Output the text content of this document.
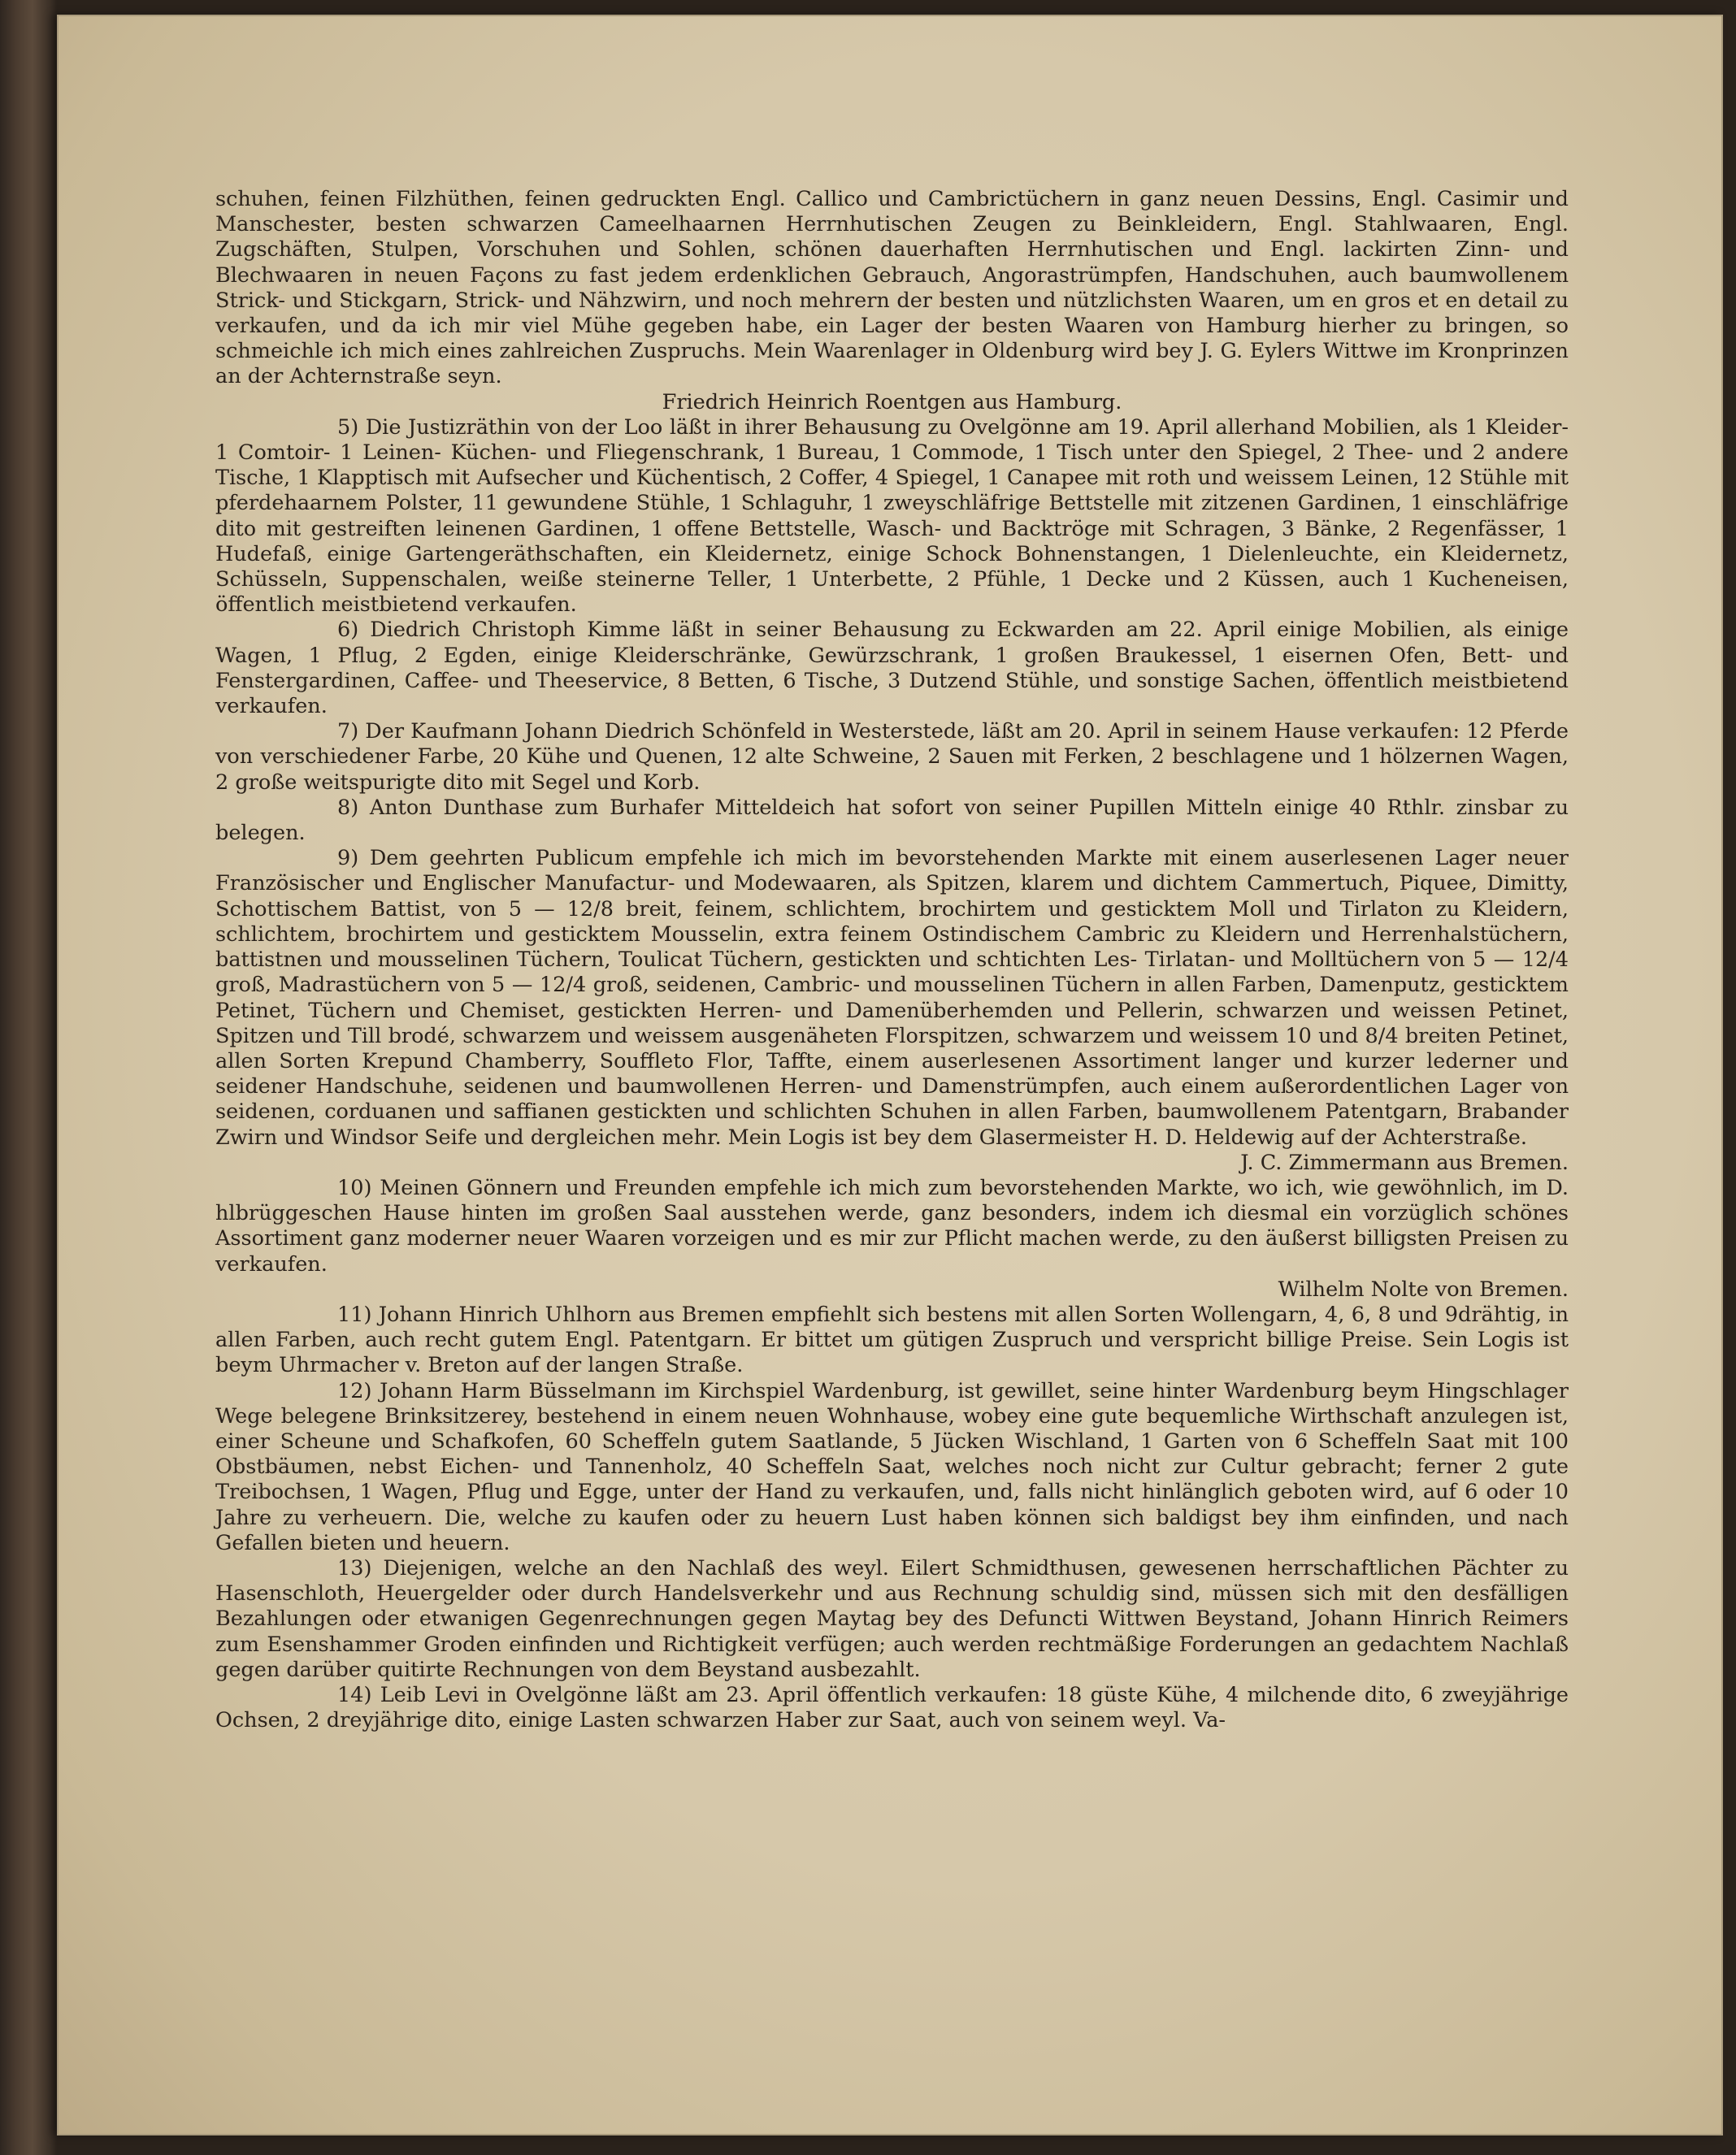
schuhen, feinen Filzhüthen, feinen gedruckten Engl. Callico und Cambrictüchern in ganz neuen Dessins, Engl. Casimir und Manschester, besten schwarzen Cameelhaarnen Herrnhutischen Zeugen zu Beinkleidern, Engl. Stahlwaaren, Engl. Zugschäften, Stulpen, Vorschuhen und Sohlen, schönen dauerhaften Herrnhutischen und Engl. lackirten Zinn- und Blechwaaren in neuen Façons zu fast jedem erdenklichen Gebrauch, Angorastrümpfen, Handschuhen, auch baumwollenem Strick- und Stickgarn, Strick- und Nähzwirn, und noch mehrern der besten und nützlichsten Waaren, um en gros et en detail zu verkaufen, und da ich mir viel Mühe gegeben habe, ein Lager der besten Waaren von Hamburg hierher zu bringen, so schmeichle ich mich eines zahlreichen Zuspruchs. Mein Waarenlager in Oldenburg wird bey J. G. Eylers Wittwe im Kronprinzen an der Achternstraße seyn.

Friedrich Heinrich Roentgen aus Hamburg.

5) Die Justizräthin von der Loo läßt in ihrer Behausung zu Ovelgönne am 19. April allerhand Mobilien, als 1 Kleider- 1 Comtoir- 1 Leinen- Küchen- und Fliegenschrank, 1 Bureau, 1 Commode, 1 Tisch unter den Spiegel, 2 Thee- und 2 andere Tische, 1 Klapptisch mit Aufsecher und Küchentisch, 2 Coffer, 4 Spiegel, 1 Canapee mit roth und weissem Leinen, 12 Stühle mit pferdehaarnem Polster, 11 gewundene Stühle, 1 Schlaguhr, 1 zweyschläfrige Bettstelle mit zitzenen Gardinen, 1 einschläfrige dito mit gestreiften leinenen Gardinen, 1 offene Bettstelle, Wasch- und Backtröge mit Schragen, 3 Bänke, 2 Regenfässer, 1 Hudefaß, einige Gartengeräthschaften, ein Kleidernetz, einige Schock Bohnenstangen, 1 Dielenleuchte, ein Kleidernetz, Schüsseln, Suppenschalen, weiße steinerne Teller, 1 Unterbette, 2 Pfühle, 1 Decke und 2 Küssen, auch 1 Kucheneisen, öffentlich meistbietend verkaufen.

6) Diedrich Christoph Kimme läßt in seiner Behausung zu Eckwarden am 22. April einige Mobilien, als einige Wagen, 1 Pflug, 2 Egden, einige Kleiderschränke, Gewürzschrank, 1 großen Braukessel, 1 eisernen Ofen, Bett- und Fenstergardinen, Caffee- und Theeservice, 8 Betten, 6 Tische, 3 Dutzend Stühle, und sonstige Sachen, öffentlich meistbietend verkaufen.

7) Der Kaufmann Johann Diedrich Schönfeld in Westerstede, läßt am 20. April in seinem Hause verkaufen: 12 Pferde von verschiedener Farbe, 20 Kühe und Quenen, 12 alte Schweine, 2 Sauen mit Ferken, 2 beschlagene und 1 hölzernen Wagen, 2 große weitspurigte dito mit Segel und Korb.

8) Anton Dunthase zum Burhafer Mitteldeich hat sofort von seiner Pupillen Mitteln einige 40 Rthlr. zinsbar zu belegen.

9) Dem geehrten Publicum empfehle ich mich im bevorstehenden Markte mit einem auserlesenen Lager neuer Französischer und Englischer Manufactur- und Modewaaren, als Spitzen, klarem und dichtem Cammertuch, Piquee, Dimitty, Schottischem Battist, von 5 — 12/8 breit, feinem, schlichtem, brochirtem und gesticktem Moll und Tirlaton zu Kleidern, schlichtem, brochirtem und gesticktem Mousselin, extra feinem Ostindischem Cambric zu Kleidern und Herrenhalstüchern, battistnen und mousselinen Tüchern, Toulicat Tüchern, gestickten und schtichten Les- Tirlatan- und Molltüchern von 5 — 12/4 groß, Madrastüchern von 5 — 12/4 groß, seidenen, Cambric- und mousselinen Tüchern in allen Farben, Damenputz, gesticktem Petinet, Tüchern und Chemiset, gestickten Herren- und Damenüberhemden und Pellerin, schwarzen und weissen Petinet, Spitzen und Till brodé, schwarzem und weissem ausgenäheten Florspitzen, schwarzem und weissem 10 und 8/4 breiten Petinet, allen Sorten Krepund Chamberry, Souffleto Flor, Taffte, einem auserlesenen Assortiment langer und kurzer lederner und seidener Handschuhe, seidenen und baumwollenen Herren- und Damenstrümpfen, auch einem außerordentlichen Lager von seidenen, corduanen und saffianen gestickten und schlichten Schuhen in allen Farben, baumwollenem Patentgarn, Brabander Zwirn und Windsor Seife und dergleichen mehr. Mein Logis ist bey dem Glasermeister H. D. Heldewig auf der Achterstraße.

J. C. Zimmermann aus Bremen.

10) Meinen Gönnern und Freunden empfehle ich mich zum bevorstehenden Markte, wo ich, wie gewöhnlich, im D. hlbrüggeschen Hause hinten im großen Saal ausstehen werde, ganz besonders, indem ich diesmal ein vorzüglich schönes Assortiment ganz moderner neuer Waaren vorzeigen und es mir zur Pflicht machen werde, zu den äußerst billigsten Preisen zu verkaufen.

Wilhelm Nolte von Bremen.

11) Johann Hinrich Uhlhorn aus Bremen empfiehlt sich bestens mit allen Sorten Wollengarn, 4, 6, 8 und 9drähtig, in allen Farben, auch recht gutem Engl. Patentgarn. Er bittet um gütigen Zuspruch und verspricht billige Preise. Sein Logis ist beym Uhrmacher v. Breton auf der langen Straße.

12) Johann Harm Büsselmann im Kirchspiel Wardenburg, ist gewillet, seine hinter Wardenburg beym Hingschlager Wege belegene Brinksitzerey, bestehend in einem neuen Wohnhause, wobey eine gute bequemliche Wirthschaft anzulegen ist, einer Scheune und Schafkofen, 60 Scheffeln gutem Saatlande, 5 Jücken Wischland, 1 Garten von 6 Scheffeln Saat mit 100 Obstbäumen, nebst Eichen- und Tannenholz, 40 Scheffeln Saat, welches noch nicht zur Cultur gebracht; ferner 2 gute Treibochsen, 1 Wagen, Pflug und Egge, unter der Hand zu verkaufen, und, falls nicht hinlänglich geboten wird, auf 6 oder 10 Jahre zu verheuern. Die, welche zu kaufen oder zu heuern Lust haben können sich baldigst bey ihm einfinden, und nach Gefallen bieten und heuern.

13) Diejenigen, welche an den Nachlaß des weyl. Eilert Schmidthusen, gewesenen herrschaftlichen Pächter zu Hasenschloth, Heuergelder oder durch Handelsverkehr und aus Rechnung schuldig sind, müssen sich mit den desfälligen Bezahlungen oder etwanigen Gegenrechnungen gegen Maytag bey des Defuncti Wittwen Beystand, Johann Hinrich Reimers zum Esenshammer Groden einfinden und Richtigkeit verfügen; auch werden rechtmäßige Forderungen an gedachtem Nachlaß gegen darüber quitirte Rechnungen von dem Beystand ausbezahlt.

14) Leib Levi in Ovelgönne läßt am 23. April öffentlich verkaufen: 18 güste Kühe, 4 milchende dito, 6 zweyjährige Ochsen, 2 dreyjährige dito, einige Lasten schwarzen Haber zur Saat, auch von seinem weyl. Va-
